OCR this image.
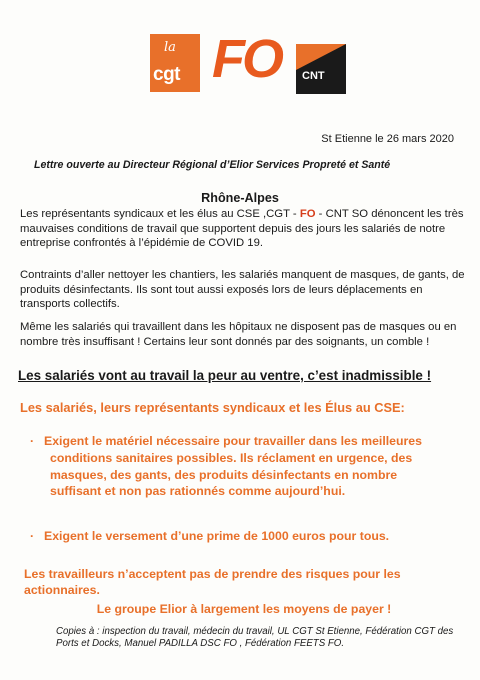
la
cgt FO CNT
St Etienne le 26 mars 2020
Lettre ouverte au Directeur Régional d’Elior Services Propreté et Santé
Rhône-Alpes
Les représentants syndicaux et les élus au CSE ,CGT - FO - CNT SO dénoncent les très mauvaises conditions de travail que supportent depuis des jours les salariés de notre entreprise confrontés à l’épidémie de COVID 19.
Contraints d’aller nettoyer les chantiers, les salariés manquent de masques, de gants, de produits désinfectants. Ils sont tout aussi exposés lors de leurs déplacements en transports collectifs.
Même les salariés qui travaillent dans les hôpitaux ne disposent pas de masques ou en nombre très insuffisant ! Certains leur sont donnés par des soignants, un comble !
Les salariés vont au travail la peur au ventre, c’est inadmissible !
Les salariés, leurs représentants syndicaux et les Élus au CSE:
· Exigent le matériel nécessaire pour travailler dans les meilleures
conditions sanitaires possibles. Ils réclament en urgence, des masques, des gants, des produits désinfectants en nombre suffisant et non pas rationnés comme aujourd’hui.
· Exigent le versement d’une prime de 1000 euros pour tous.
Les travailleurs n’acceptent pas de prendre des risques pour les actionnaires.
Le groupe Elior à largement les moyens de payer !
Copies à : inspection du travail, médecin du travail, UL CGT St Etienne, Fédération CGT des Ports et Docks, Manuel PADILLA DSC FO , Fédération FEETS FO.
